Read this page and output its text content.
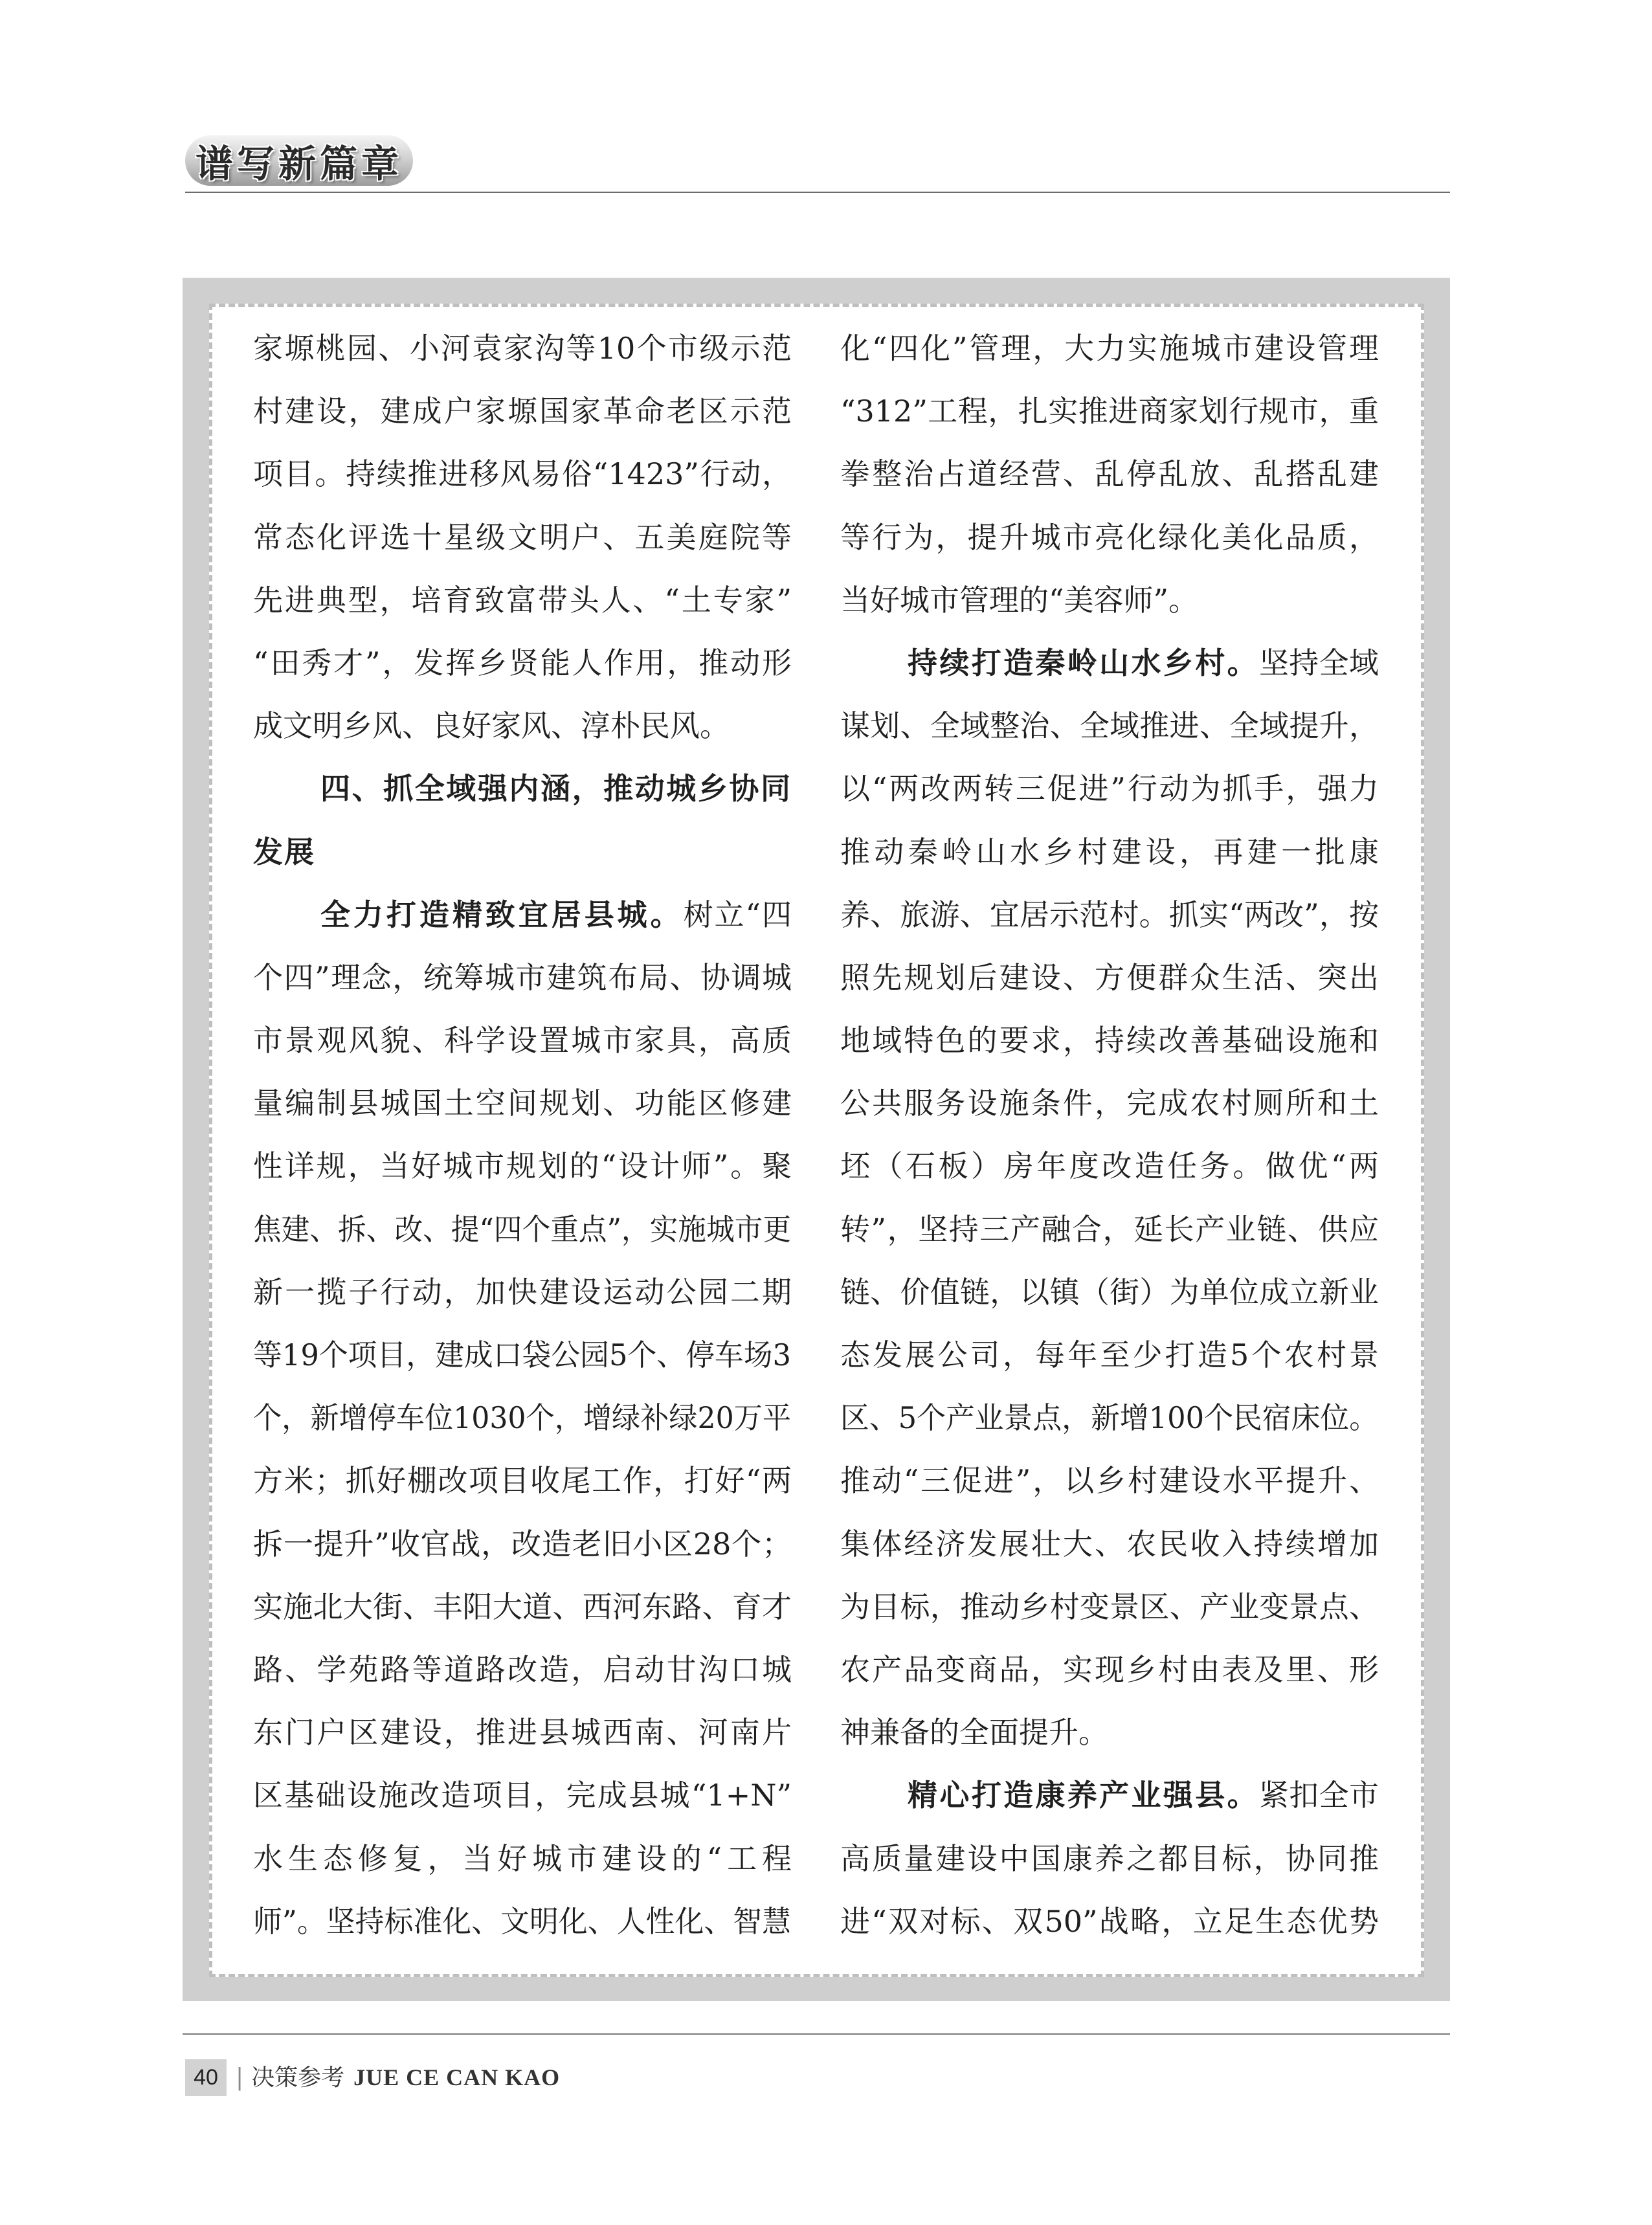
谱写新篇章
家塬桃园、小河袁家沟等10个市级示范
村建设，建成户家塬国家革命老区示范
项目。持续推进移风易俗“1423”行动，
常态化评选十星级文明户、五美庭院等
先进典型，培育致富带头人、“土专家”
“田秀才”，发挥乡贤能人作用，推动形
成文明乡风、良好家风、淳朴民风。
四、抓全域强内涵，推动城乡协同
发展
全力打造精致宜居县城。树立“四
个四”理念，统筹城市建筑布局、协调城
市景观风貌、科学设置城市家具，高质
量编制县城国土空间规划、功能区修建
性详规，当好城市规划的“设计师”。聚
焦建、拆、改、提“四个重点”，实施城市更
新一揽子行动，加快建设运动公园二期
等19个项目，建成口袋公园5个、停车场3
个，新增停车位1030个，增绿补绿20万平
方米；抓好棚改项目收尾工作，打好“两
拆一提升”收官战，改造老旧小区28个；
实施北大街、丰阳大道、西河东路、育才
路、学苑路等道路改造，启动甘沟口城
东门户区建设，推进县城西南、河南片
区基础设施改造项目，完成县城“1+N”
水生态修复，当好城市建设的“工程
师”。坚持标准化、文明化、人性化、智慧
化“四化”管理，大力实施城市建设管理
“312”工程，扎实推进商家划行规市，重
拳整治占道经营、乱停乱放、乱搭乱建
等行为，提升城市亮化绿化美化品质，
当好城市管理的“美容师”。
持续打造秦岭山水乡村。坚持全域
谋划、全域整治、全域推进、全域提升，
以“两改两转三促进”行动为抓手，强力
推动秦岭山水乡村建设，再建一批康
养、旅游、宜居示范村。抓实“两改”，按
照先规划后建设、方便群众生活、突出
地域特色的要求，持续改善基础设施和
公共服务设施条件，完成农村厕所和土
坯（石板）房年度改造任务。做优“两
转”，坚持三产融合，延长产业链、供应
链、价值链，以镇（街）为单位成立新业
态发展公司，每年至少打造5个农村景
区、5个产业景点，新增100个民宿床位。
推动“三促进”，以乡村建设水平提升、
集体经济发展壮大、农民收入持续增加
为目标，推动乡村变景区、产业变景点、
农产品变商品，实现乡村由表及里、形
神兼备的全面提升。
精心打造康养产业强县。紧扣全市
高质量建设中国康养之都目标，协同推
进“双对标、双50”战略，立足生态优势
40 | 决策参考 JUE CE CAN KAO
